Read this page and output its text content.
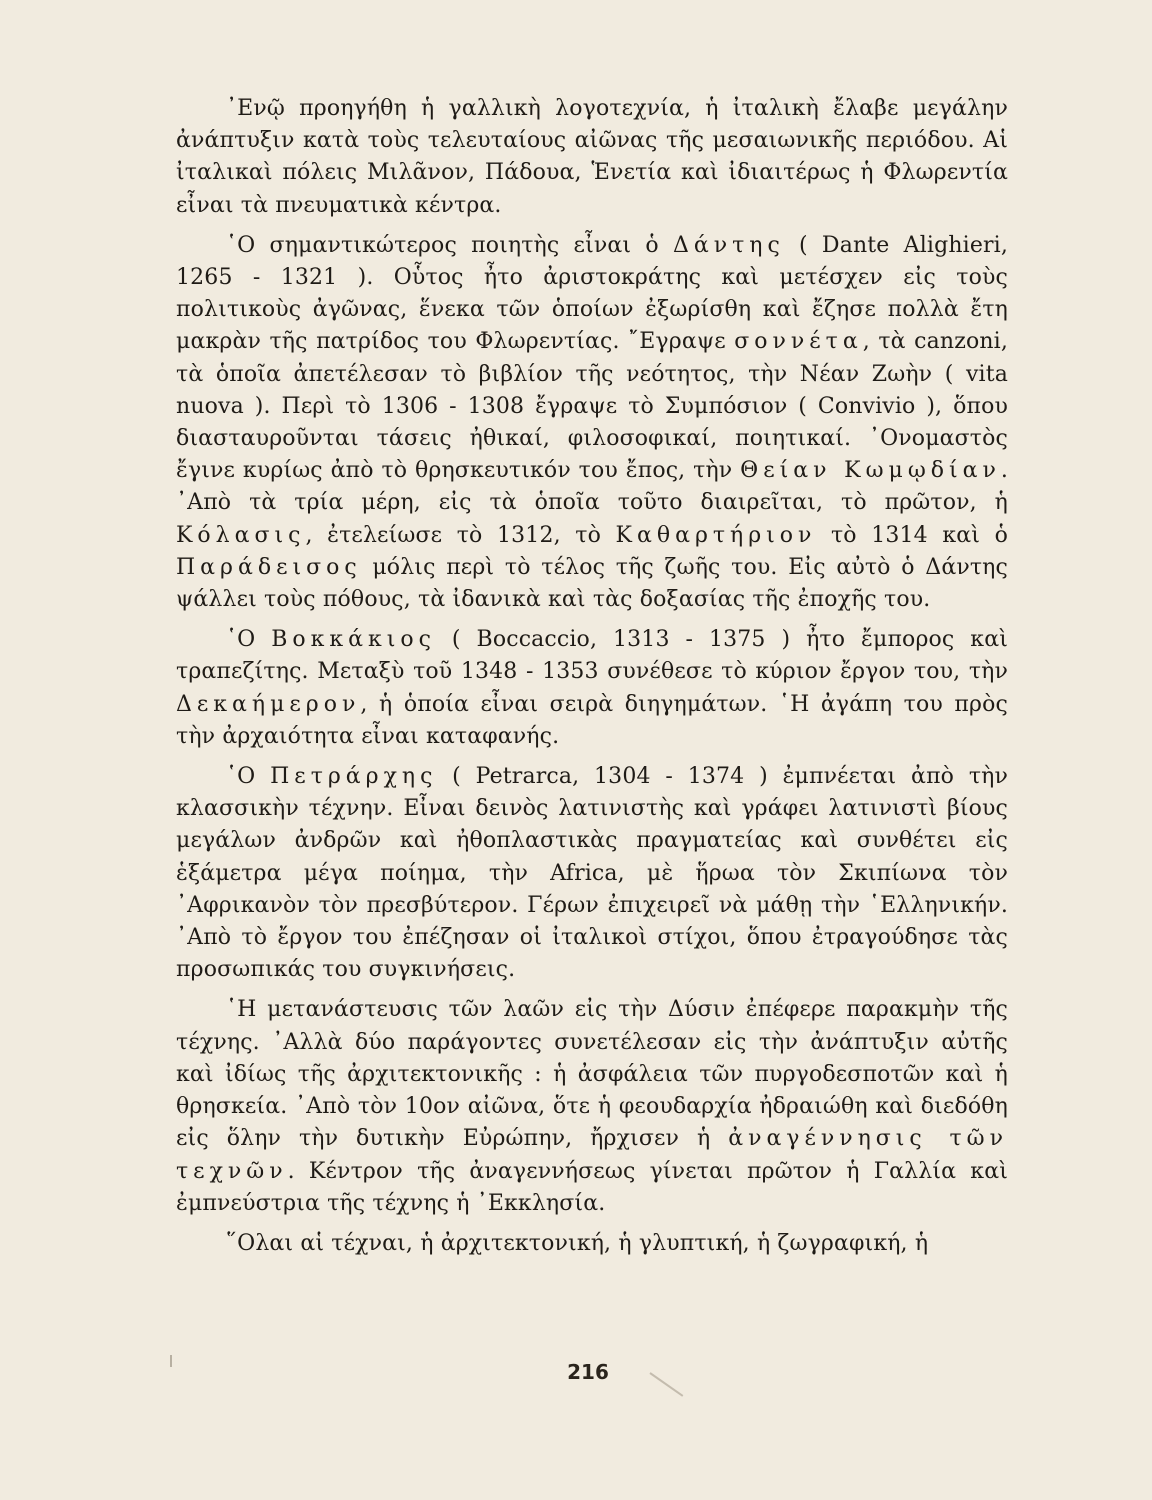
᾿Ενῷ προηγήθη ἡ γαλλικὴ λογοτεχνία, ἡ ἰταλικὴ ἔλαβε μεγάλην ἀνάπτυξιν κατὰ τοὺς τελευταίους αἰῶνας τῆς μεσαιωνικῆς περιόδου. Αἱ ἰταλικαὶ πόλεις Μιλᾶνον, Πάδουα, Ἑνετία καὶ ἰδιαιτέρως ἡ Φλωρεντία εἶναι τὰ πνευματικὰ κέντρα.

῾Ο σημαντικώτερος ποιητὴς εἶναι ὁ Δάντης ( Dante Alighieri, 1265 - 1321 ). Οὗτος ἦτο ἀριστοκράτης καὶ μετέσχεν εἰς τοὺς πολιτικοὺς ἀγῶνας, ἕνεκα τῶν ὁποίων ἐξωρίσθη καὶ ἔζησε πολλὰ ἔτη μακρὰν τῆς πατρίδος του Φλωρεντίας. ῎Εγραψε σοννέτα, τὰ canzoni, τὰ ὁποῖα ἀπετέλεσαν τὸ βιβλίον τῆς νεότητος, τὴν Νέαν Ζωὴν ( vita nuova ). Περὶ τὸ 1306 - 1308 ἔγραψε τὸ Συμπόσιον ( Convivio ), ὅπου διασταυροῦνται τάσεις ἠθικαί, φιλοσοφικαί, ποιητικαί. ᾿Ονομαστὸς ἔγινε κυρίως ἀπὸ τὸ θρησκευτικόν του ἔπος, τὴν Θείαν Κωμῳδίαν. ᾿Απὸ τὰ τρία μέρη, εἰς τὰ ὁποῖα τοῦτο διαιρεῖται, τὸ πρῶτον, ἡ Κόλασις, ἐτελείωσε τὸ 1312, τὸ Καθαρτήριον τὸ 1314 καὶ ὁ Παράδεισος μόλις περὶ τὸ τέλος τῆς ζωῆς του. Εἰς αὐτὸ ὁ Δάντης ψάλλει τοὺς πόθους, τὰ ἰδανικὰ καὶ τὰς δοξασίας τῆς ἐποχῆς του.

῾Ο Βοκκάκιος ( Boccaccio, 1313 - 1375 ) ἦτο ἔμπορος καὶ τραπεζίτης. Μεταξὺ τοῦ 1348 - 1353 συνέθεσε τὸ κύριον ἔργον του, τὴν Δεκαήμερον, ἡ ὁποία εἶναι σειρὰ διηγημάτων. ῾Η ἀγάπη του πρὸς τὴν ἀρχαιότητα εἶναι καταφανής.

῾Ο Πετράρχης ( Petrarca, 1304 - 1374 ) ἐμπνέεται ἀπὸ τὴν κλασσικὴν τέχνην. Εἶναι δεινὸς λατινιστὴς καὶ γράφει λατινιστὶ βίους μεγάλων ἀνδρῶν καὶ ἠθοπλαστικὰς πραγματείας καὶ συνθέτει εἰς ἑξάμετρα μέγα ποίημα, τὴν Africa, μὲ ἥρωα τὸν Σκιπίωνα τὸν ᾿Αφρικανὸν τὸν πρεσβύτερον. Γέρων ἐπιχειρεῖ νὰ μάθῃ τὴν ῾Ελληνικήν. ᾿Απὸ τὸ ἔργον του ἐπέζησαν οἱ ἰταλικοὶ στίχοι, ὅπου ἐτραγούδησε τὰς προσωπικάς του συγκινήσεις.

῾Η μετανάστευσις τῶν λαῶν εἰς τὴν Δύσιν ἐπέφερε παρακμὴν τῆς τέχνης. ᾿Αλλὰ δύο παράγοντες συνετέλεσαν εἰς τὴν ἀνάπτυξιν αὐτῆς καὶ ἰδίως τῆς ἀρχιτεκτονικῆς : ἡ ἀσφάλεια τῶν πυργοδεσποτῶν καὶ ἡ θρησκεία. ᾿Απὸ τὸν 10ον αἰῶνα, ὅτε ἡ φεουδαρχία ἠδραιώθη καὶ διεδόθη εἰς ὅλην τὴν δυτικὴν Εὐρώπην, ἤρχισεν ἡ ἀναγέννησις τῶν τεχνῶν. Κέντρον τῆς ἀναγεννήσεως γίνεται πρῶτον ἡ Γαλλία καὶ ἐμπνεύστρια τῆς τέχνης ἡ ᾿Εκκλησία.

῞Ολαι αἱ τέχναι, ἡ ἀρχιτεκτονική, ἡ γλυπτική, ἡ ζωγραφική, ἡ

216
